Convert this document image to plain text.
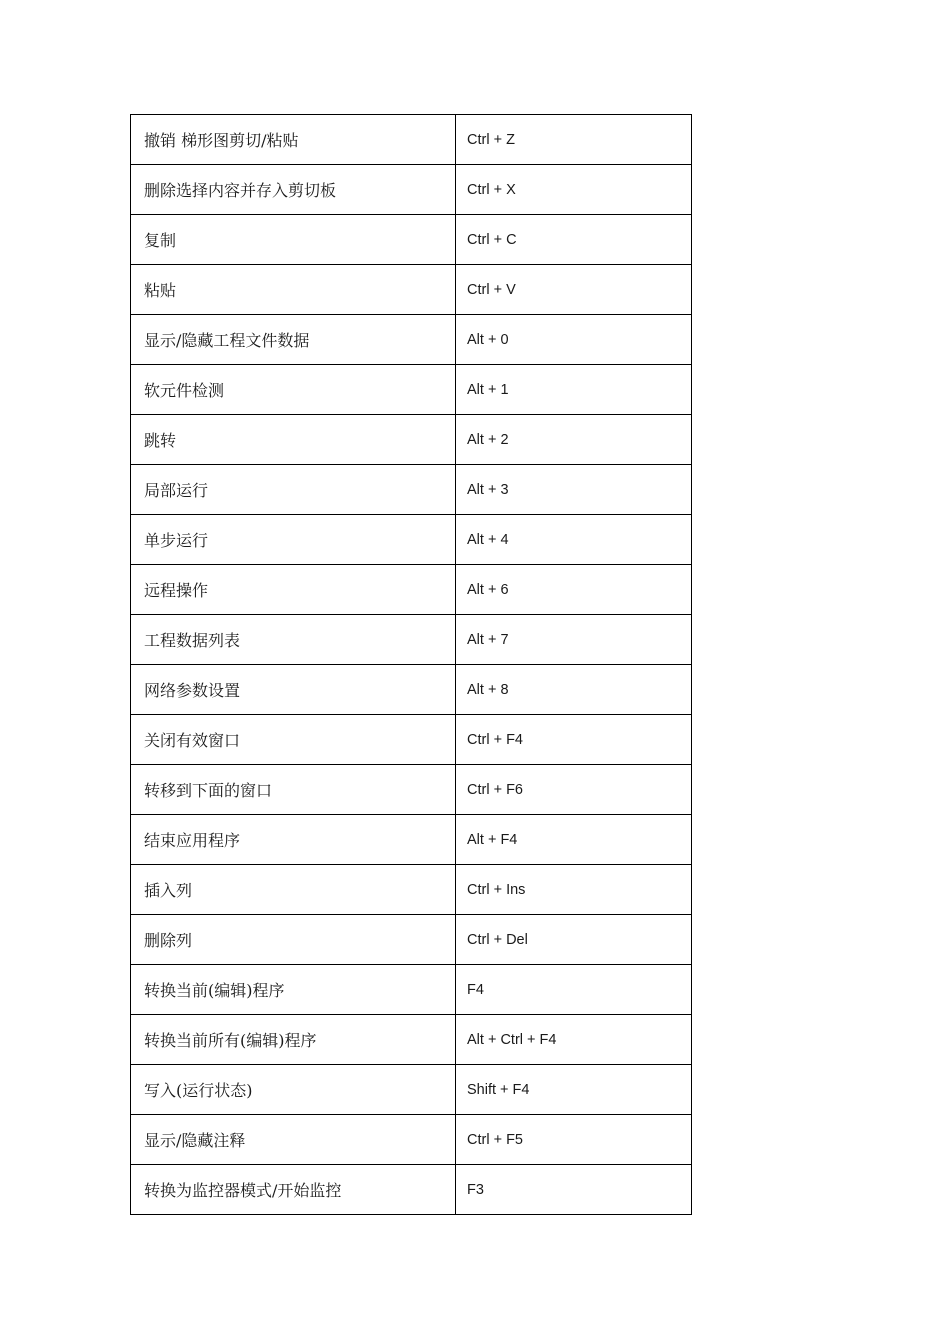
撤销 梯形图剪切/粘贴	Ctrl + Z
删除选择内容并存入剪切板	Ctrl + X
复制	Ctrl + C
粘贴	Ctrl + V
显示/隐藏工程文件数据	Alt + 0
软元件检测	Alt + 1
跳转	Alt + 2
局部运行	Alt + 3
单步运行	Alt + 4
远程操作	Alt + 6
工程数据列表	Alt + 7
网络参数设置	Alt + 8
关闭有效窗口	Ctrl + F4
转移到下面的窗口	Ctrl + F6
结束应用程序	Alt + F4
插入列	Ctrl + Ins
删除列	Ctrl + Del
转换当前(编辑)程序	F4
转换当前所有(编辑)程序	Alt + Ctrl + F4
写入(运行状态)	Shift + F4
显示/隐藏注释	Ctrl + F5
转换为监控器模式/开始监控	F3
